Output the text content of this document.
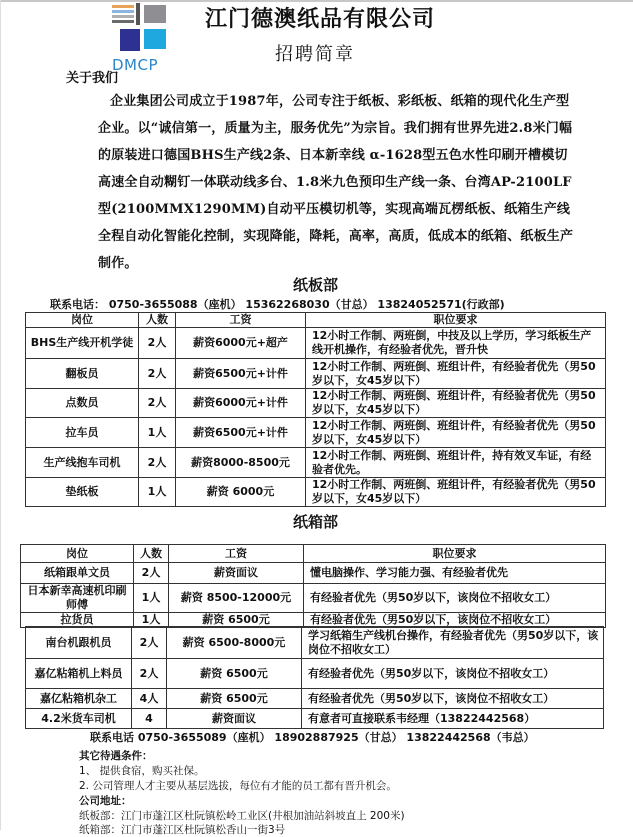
DMCP
江门德澳纸品有限公司
招聘简章
关于我们
企业集团公司成立于1987年，公司专注于纸板、彩纸板、纸箱的现代化生产型企业。以“诚信第一，质量为主，服务优先”为宗旨。我们拥有世界先进2.8米门幅的原装进口德国BHS生产线2条、日本新幸线 α-1628型五色水性印刷开槽模切高速全自动糊钉一体联动线多台、1.8米九色预印生产线一条、台湾AP-2100LF型(2100MMX1290MM)自动平压模切机等，实现高端瓦楞纸板、纸箱生产线全程自动化智能化控制，实现降能，降耗，高率，高质，低成本的纸箱、纸板生产制作。
纸板部
联系电话： 0750-3655088（座机） 15362268030（甘总） 13824052571(行政部)
岗位	人数	工资	职位要求
BHS生产线开机学徒	2人	薪资6000元+超产	12小时工作制、两班倒，中技及以上学历，学习纸板生产线开机操作，有经验者优先，晋升快
翻板员	2人	薪资6500元+计件	12小时工作制、两班倒、班组计件，有经验者优先（男50岁以下，女45岁以下）
点数员	2人	薪资6000元+计件	12小时工作制、两班倒、班组计件，有经验者优先（男50岁以下，女45岁以下）
拉车员	1人	薪资6500元+计件	12小时工作制、两班倒、班组计件，有经验者优先（男50岁以下，女45岁以下）
生产线抱车司机	2人	薪资8000-8500元	12小时工作制、两班倒、班组计件，持有效叉车证，有经验者优先。
垫纸板	1人	薪资 6000元	12小时工作制、两班倒、班组计件，有经验者优先（男50岁以下，女45岁以下）
纸箱部
岗位	人数	工资	职位要求
纸箱跟单文员	2人	薪资面议	懂电脑操作、学习能力强、有经验者优先
日本新幸高速机印刷师傅	1人	薪资 8500-12000元	有经验者优先（男50岁以下，该岗位不招收女工）
拉货员	1人	薪资 6500元	有经验者优先（男50岁以下，该岗位不招收女工）
南台机跟机员	2人	薪资 6500-8000元	学习纸箱生产线机台操作，有经验者优先（男50岁以下，该岗位不招收女工）
嘉亿粘箱机上料员	2人	薪资 6500元	有经验者优先（男50岁以下，该岗位不招收女工）
嘉亿粘箱机杂工	4人	薪资 6500元	有经验者优先（男50岁以下，该岗位不招收女工）
4.2米货车司机	4	薪资面议	有意者可直接联系韦经理（13822442568）
联系电话 0750-3655089（座机） 18902887925（甘总） 13822442568（韦总）
其它待遇条件：
1、 提供食宿，购买社保。
2. 公司管理人才主要从基层选拔，每位有才能的员工都有晋升机会。
公司地址：
纸板部：江门市蓬江区杜阮镇松岭工业区(井根加油站斜坡直上 200米)
纸箱部：江门市蓬江区杜阮镇松香山一街3号
